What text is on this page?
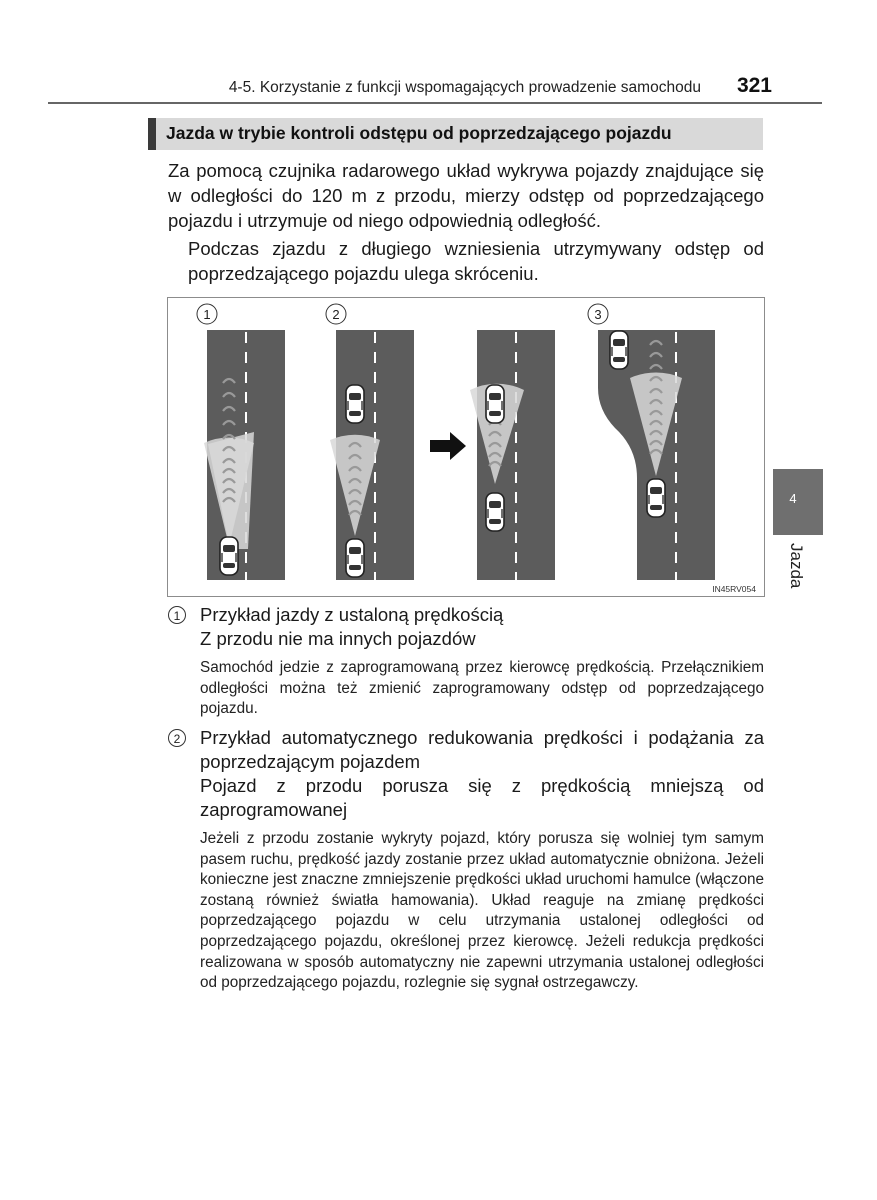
4-5. Korzystanie z funkcji wspomagających prowadzenie samochodu 321
Jazda w trybie kontroli odstępu od poprzedzającego pojazdu
Za pomocą czujnika radarowego układ wykrywa pojazdy znajdujące się w odległości do 120 m z przodu, mierzy odstęp od poprzedzającego pojazdu i utrzymuje od niego odpowiednią odległość.
Podczas zjazdu z długiego wzniesienia utrzymywany odstęp od poprzedzającego pojazdu ulega skróceniu.
1	2	3
IN45RV054
1	Przykład jazdy z ustaloną prędkością
Z przodu nie ma innych pojazdów
Samochód jedzie z zaprogramowaną przez kierowcę prędkością. Przełącznikiem odległości można też zmienić zaprogramowany odstęp od poprzedzającego pojazdu.
2	Przykład automatycznego redukowania prędkości i podążania za poprzedzającym pojazdem
Pojazd z przodu porusza się z prędkością mniejszą od zaprogramowanej
Jeżeli z przodu zostanie wykryty pojazd, który porusza się wolniej tym samym pasem ruchu, prędkość jazdy zostanie przez układ automatycznie obniżona. Jeżeli konieczne jest znaczne zmniejszenie prędkości układ uruchomi hamulce (włączone zostaną również światła hamowania). Układ reaguje na zmianę prędkości poprzedzającego pojazdu w celu utrzymania ustalonej odległości od poprzedzającego pojazdu, określonej przez kierowcę. Jeżeli redukcja prędkości realizowana w sposób automatyczny nie zapewni utrzymania ustalonej odległości od poprzedzającego pojazdu, rozlegnie się sygnał ostrzegawczy.
4
Jazda
